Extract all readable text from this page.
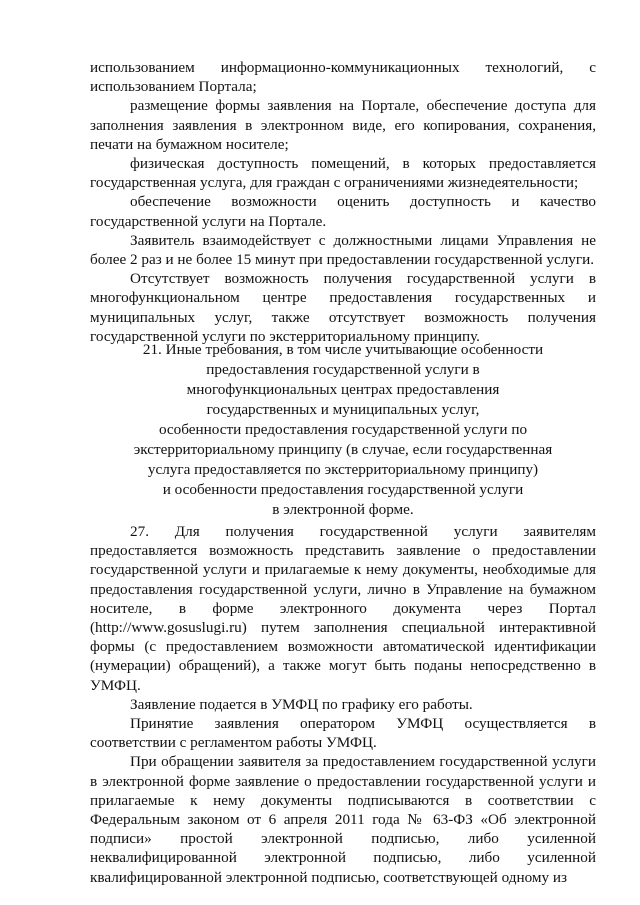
использованием информационно-коммуникационных технологий, с использованием Портала;

размещение формы заявления на Портале, обеспечение доступа для заполнения заявления в электронном виде, его копирования, сохранения, печати на бумажном носителе;

физическая доступность помещений, в которых предоставляется государственная услуга, для граждан с ограничениями жизнедеятельности;

обеспечение возможности оценить доступность и качество государственной услуги на Портале.

Заявитель взаимодействует с должностными лицами Управления не более 2 раз и не более 15 минут при предоставлении государственной услуги.

Отсутствует возможность получения государственной услуги в многофункциональном центре предоставления государственных и муниципальных услуг, также отсутствует возможность получения государственной услуги по экстерриториальному принципу.

21. Иные требования, в том числе учитывающие особенности
предоставления государственной услуги в
многофункциональных центрах предоставления
государственных и муниципальных услуг,
особенности предоставления государственной услуги по
экстерриториальному принципу (в случае, если государственная
услуга предоставляется по экстерриториальному принципу)
и особенности предоставления государственной услуги
в электронной форме.

27. Для получения государственной услуги заявителям предоставляется возможность представить заявление о предоставлении государственной услуги и прилагаемые к нему документы, необходимые для предоставления государственной услуги, лично в Управление на бумажном носителе, в форме электронного документа через Портал (http://www.gosuslugi.ru) путем заполнения специальной интерактивной формы (с предоставлением возможности автоматической идентификации (нумерации) обращений), а также могут быть поданы непосредственно в УМФЦ.

Заявление подается в УМФЦ по графику его работы.

Принятие заявления оператором УМФЦ осуществляется в соответствии с регламентом работы УМФЦ.

При обращении заявителя за предоставлением государственной услуги в электронной форме заявление о предоставлении государственной услуги и прилагаемые к нему документы подписываются в соответствии с Федеральным законом от 6 апреля 2011 года № 63-ФЗ «Об электронной подписи» простой электронной подписью, либо усиленной неквалифицированной электронной подписью, либо усиленной квалифицированной электронной подписью, соответствующей одному из
